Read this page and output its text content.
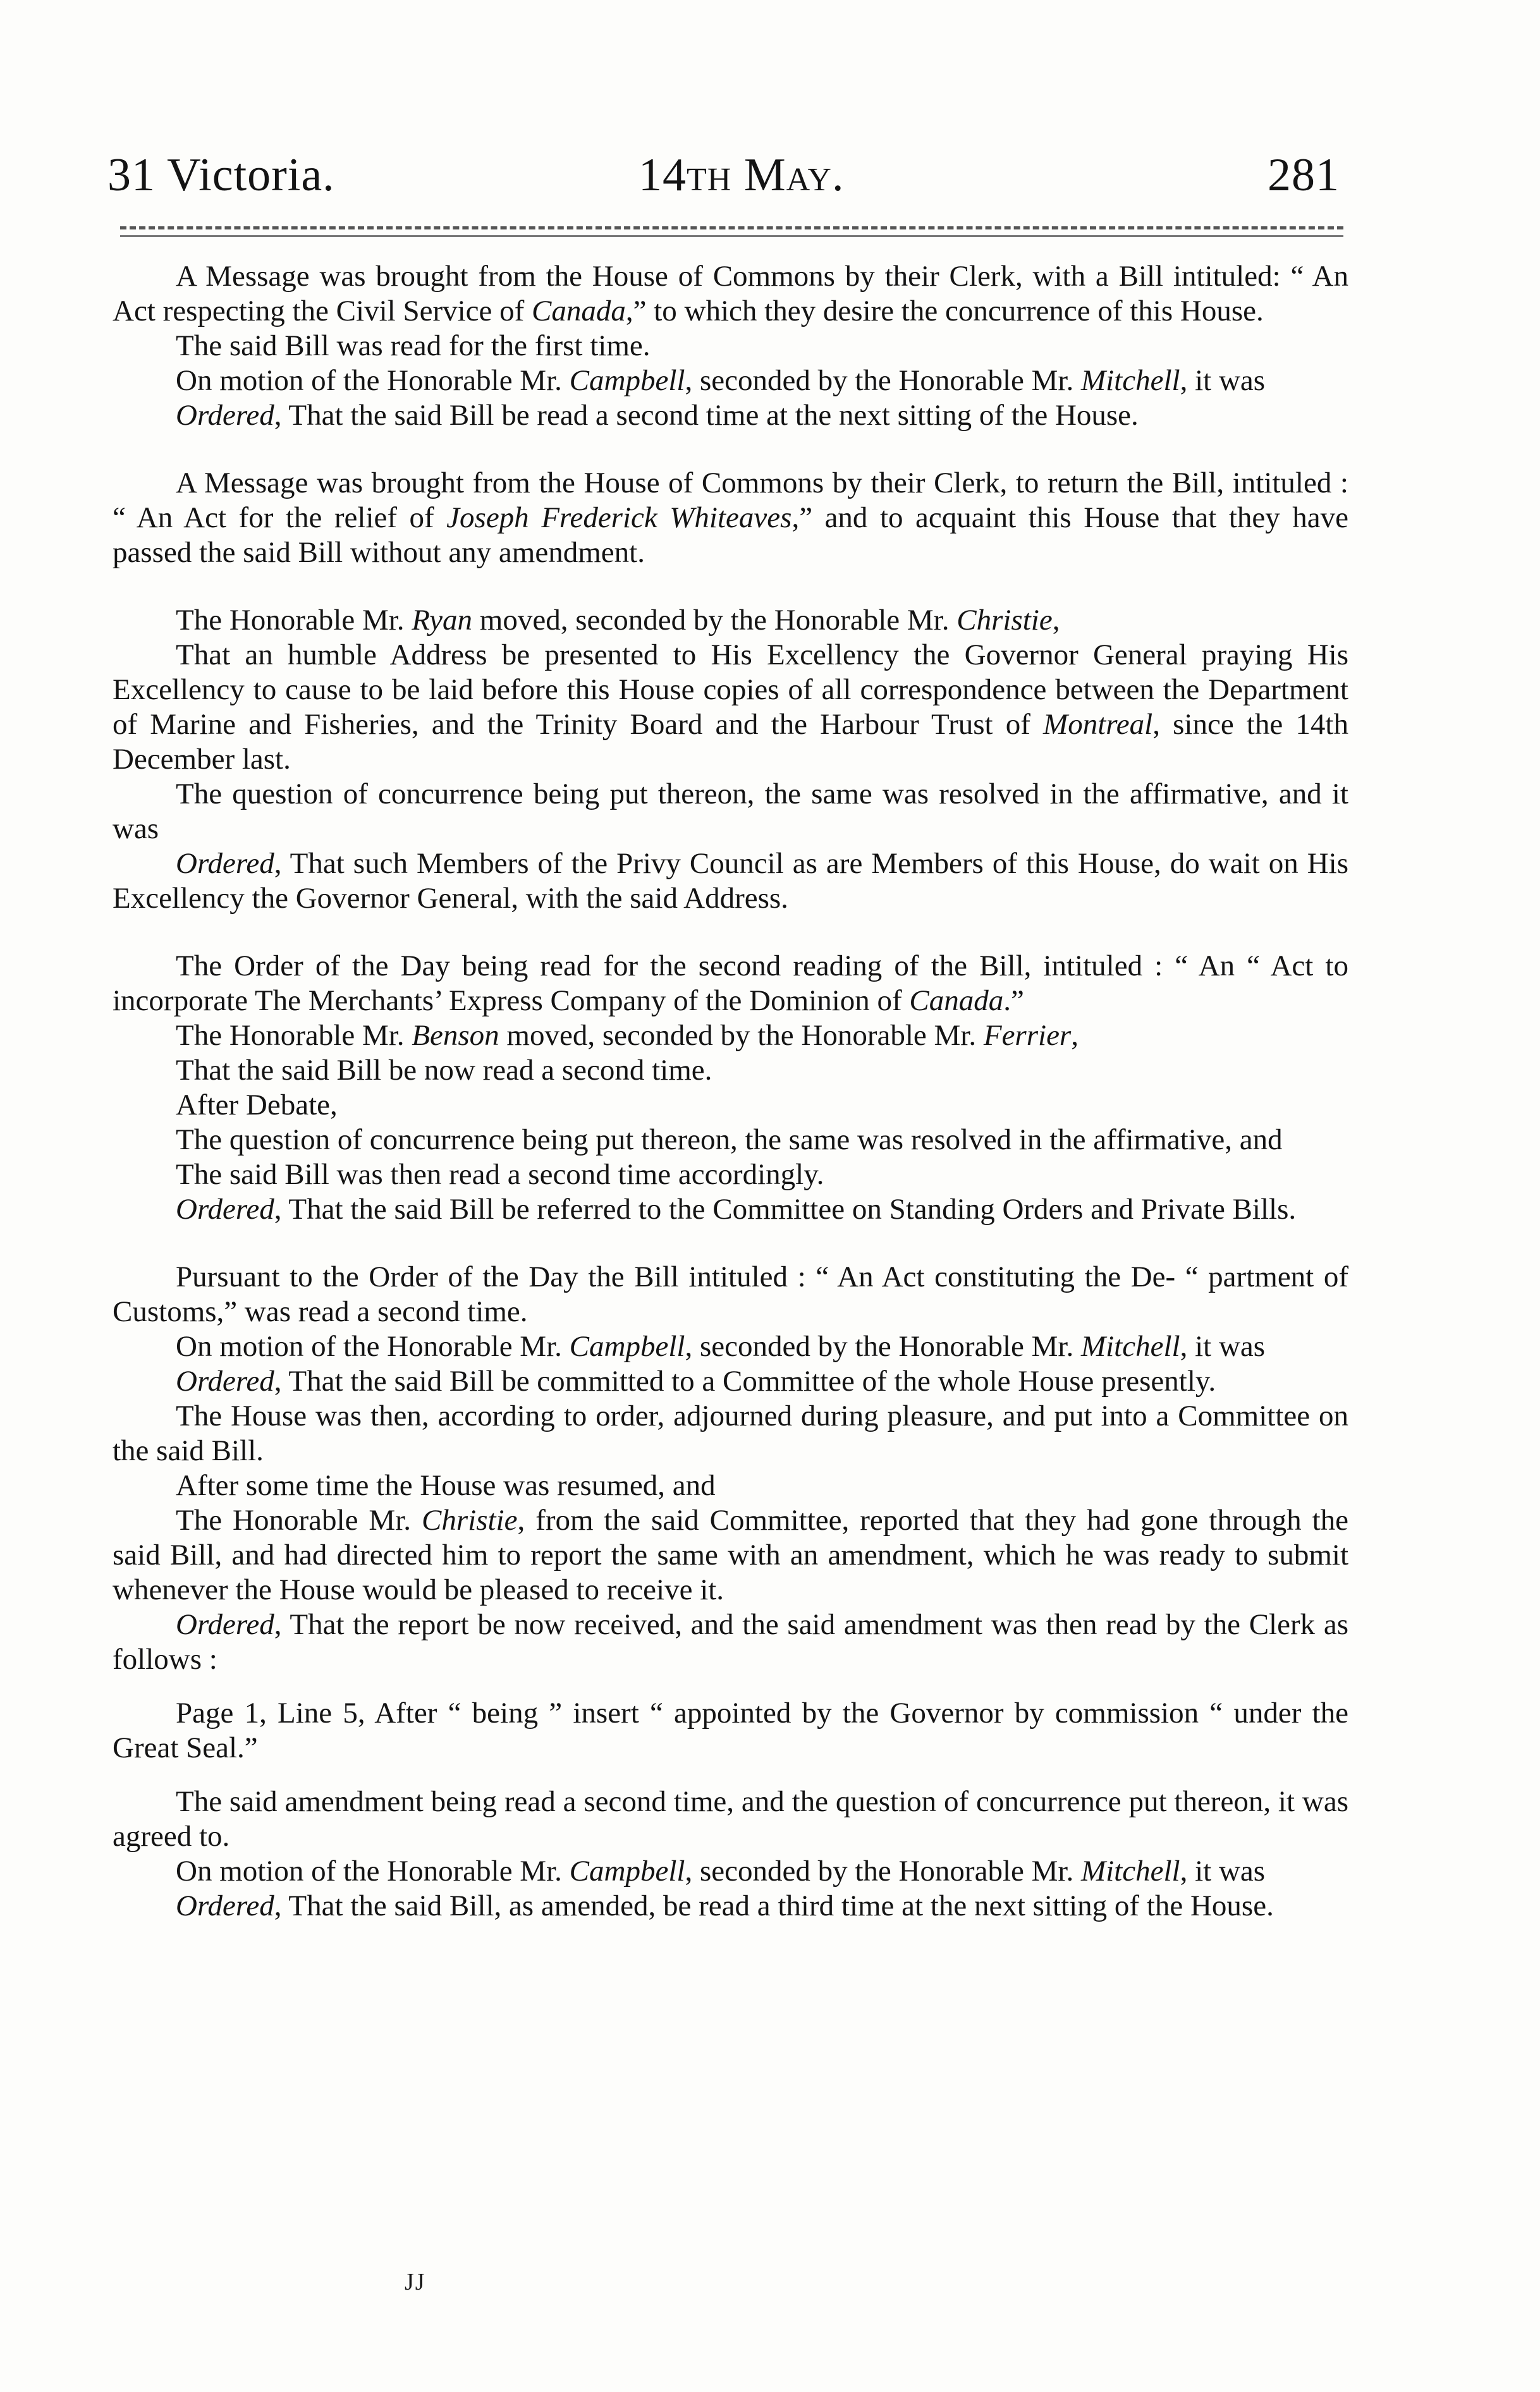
31 Victoria.	14th May.	281

A Message was brought from the House of Commons by their Clerk, with a Bill intituled: “ An Act respecting the Civil Service of Canada,” to which they desire the concurrence of this House.

The said Bill was read for the first time.

On motion of the Honorable Mr. Campbell, seconded by the Honorable Mr. Mitchell, it was

Ordered, That the said Bill be read a second time at the next sitting of the House.

A Message was brought from the House of Commons by their Clerk, to return the Bill, intituled : “ An Act for the relief of Joseph Frederick Whiteaves,” and to acquaint this House that they have passed the said Bill without any amendment.

The Honorable Mr. Ryan moved, seconded by the Honorable Mr. Christie,

That an humble Address be presented to His Excellency the Governor General praying His Excellency to cause to be laid before this House copies of all correspondence between the Department of Marine and Fisheries, and the Trinity Board and the Harbour Trust of Montreal, since the 14th December last.

The question of concurrence being put thereon, the same was resolved in the affirmative, and it was

Ordered, That such Members of the Privy Council as are Members of this House, do wait on His Excellency the Governor General, with the said Address.

The Order of the Day being read for the second reading of the Bill, intituled : “ An “ Act to incorporate The Merchants’ Express Company of the Dominion of Canada.”

The Honorable Mr. Benson moved, seconded by the Honorable Mr. Ferrier,

That the said Bill be now read a second time.

After Debate,

The question of concurrence being put thereon, the same was resolved in the affirmative, and

The said Bill was then read a second time accordingly.

Ordered, That the said Bill be referred to the Committee on Standing Orders and Private Bills.

Pursuant to the Order of the Day the Bill intituled : “ An Act constituting the De- “ partment of Customs,” was read a second time.

On motion of the Honorable Mr. Campbell, seconded by the Honorable Mr. Mitchell, it was

Ordered, That the said Bill be committed to a Committee of the whole House presently.

The House was then, according to order, adjourned during pleasure, and put into a Committee on the said Bill.

After some time the House was resumed, and

The Honorable Mr. Christie, from the said Committee, reported that they had gone through the said Bill, and had directed him to report the same with an amendment, which he was ready to submit whenever the House would be pleased to receive it.

Ordered, That the report be now received, and the said amendment was then read by the Clerk as follows :

Page 1, Line 5, After “ being ” insert “ appointed by the Governor by commission “ under the Great Seal.”

The said amendment being read a second time, and the question of concurrence put thereon, it was agreed to.

On motion of the Honorable Mr. Campbell, seconded by the Honorable Mr. Mitchell, it was

Ordered, That the said Bill, as amended, be read a third time at the next sitting of the House.

JJ
